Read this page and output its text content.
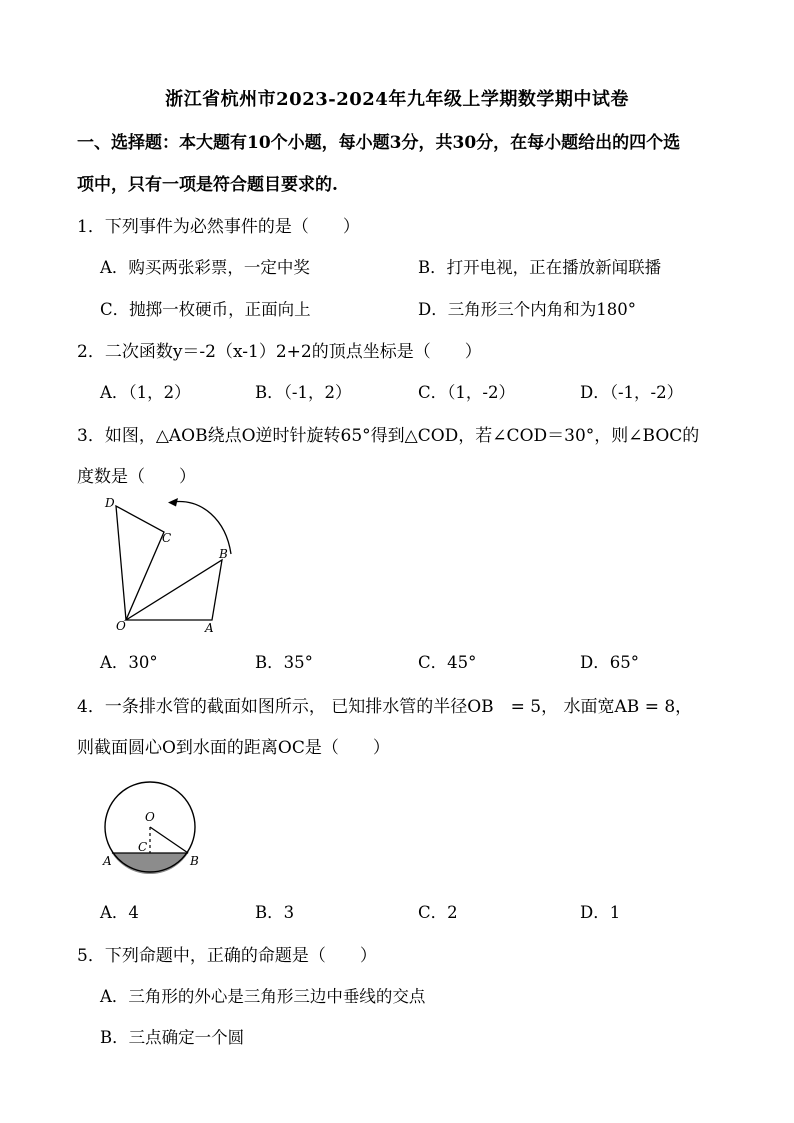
浙江省杭州市2023-2024年九年级上学期数学期中试卷
一、选择题：本大题有10个小题，每小题3分，共30分，在每小题给出的四个选
项中，只有一项是符合题目要求的.
1．下列事件为必然事件的是（　　）
A．购买两张彩票，一定中奖	B．打开电视，正在播放新闻联播
C．抛掷一枚硬币，正面向上	D．三角形三个内角和为180°
2．二次函数y＝-2（x-1）2+2的顶点坐标是（　　）
A．（1，2）	B．（-1，2）	C．（1，-2）	D．（-1，-2）
3．如图，△AOB绕点O逆时针旋转65°得到△COD，若∠COD＝30°，则∠BOC的
度数是（　　）
D
C
B
O	A
A．30°	B．35°	C．45°	D．65°
4．一条排水管的截面如图所示， 已知排水管的半径OB　= 5， 水面宽AB = 8，
则截面圆心O到水面的距离OC是（　　）
O
C
A	B
A．4	B．3	C．2	D．1
5．下列命题中，正确的命题是（　　）
A．三角形的外心是三角形三边中垂线的交点
B．三点确定一个圆
